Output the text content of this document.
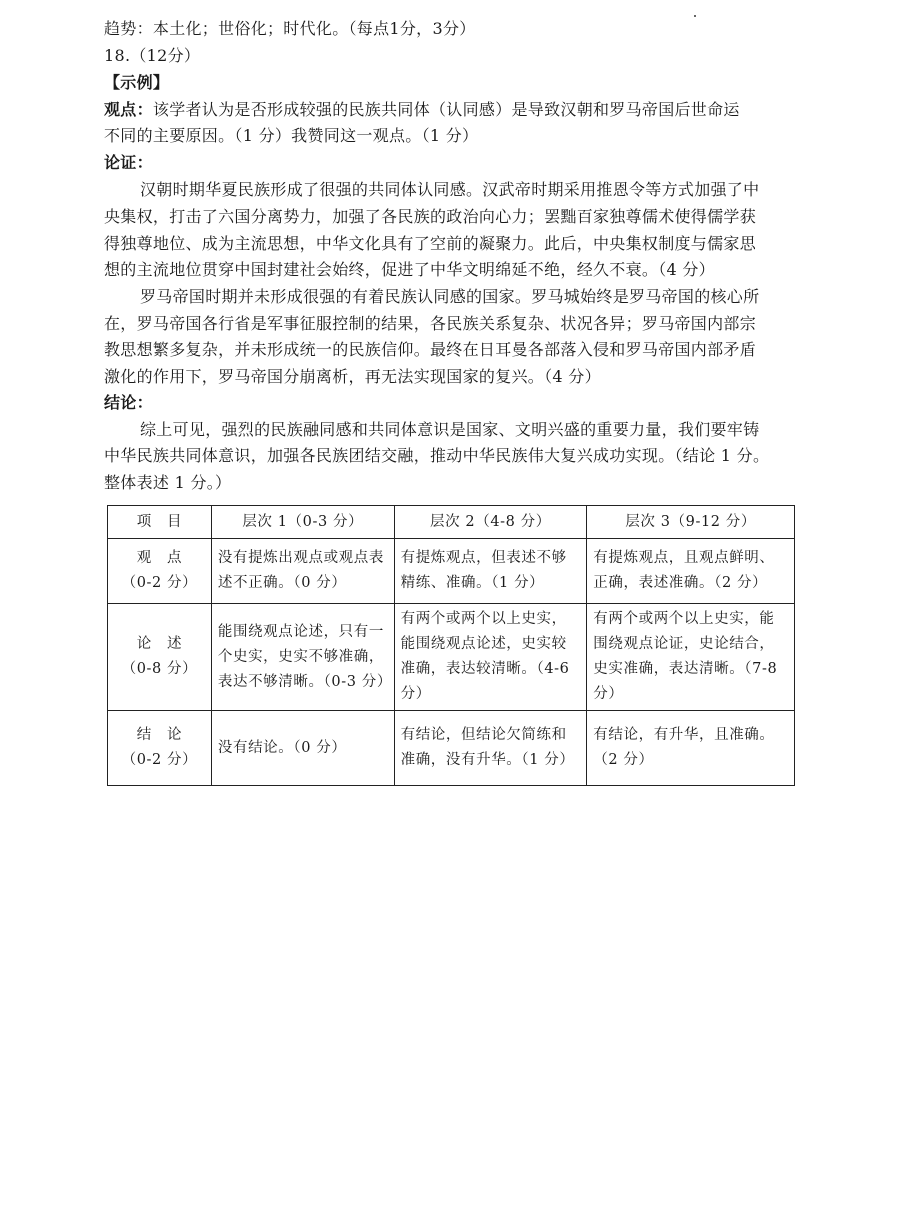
趋势：本土化；世俗化；时代化。（每点1分，3分）
18.（12分）
【示例】
观点：该学者认为是否形成较强的民族共同体（认同感）是导致汉朝和罗马帝国后世命运
不同的主要原因。（1 分）我赞同这一观点。（1 分）
论证：
汉朝时期华夏民族形成了很强的共同体认同感。汉武帝时期采用推恩令等方式加强了中
央集权，打击了六国分离势力，加强了各民族的政治向心力；罢黜百家独尊儒术使得儒学获
得独尊地位、成为主流思想，中华文化具有了空前的凝聚力。此后，中央集权制度与儒家思
想的主流地位贯穿中国封建社会始终，促进了中华文明绵延不绝，经久不衰。（4 分）
罗马帝国时期并未形成很强的有着民族认同感的国家。罗马城始终是罗马帝国的核心所
在，罗马帝国各行省是军事征服控制的结果，各民族关系复杂、状况各异；罗马帝国内部宗
教思想繁多复杂，并未形成统一的民族信仰。最终在日耳曼各部落入侵和罗马帝国内部矛盾
激化的作用下，罗马帝国分崩离析，再无法实现国家的复兴。（4 分）
结论：
综上可见，强烈的民族融同感和共同体意识是国家、文明兴盛的重要力量，我们要牢铸
中华民族共同体意识，加强各民族团结交融，推动中华民族伟大复兴成功实现。（结论 1 分。
整体表述 1 分。）
项　目	层次 1（0-3 分）	层次 2（4-8 分）	层次 3（9-12 分）

观　点
（0-2 分）	没有提炼出观点或观点表述不正确。（0 分）	有提炼观点，但表述不够精练、准确。（1 分）	有提炼观点，且观点鲜明、正确，表述准确。（2 分）

论　述
（0-8 分）	能围绕观点论述，只有一个史实，史实不够准确，表达不够清晰。（0-3 分）	有两个或两个以上史实，能围绕观点论述，史实较准确，表达较清晰。（4-6 分）	有两个或两个以上史实，能围绕观点论证，史论结合，史实准确，表达清晰。（7-8 分）

结　论
（0-2 分）	没有结论。（0 分）	有结论，但结论欠简练和准确，没有升华。（1 分）	有结论，有升华，且准确。（2 分）
